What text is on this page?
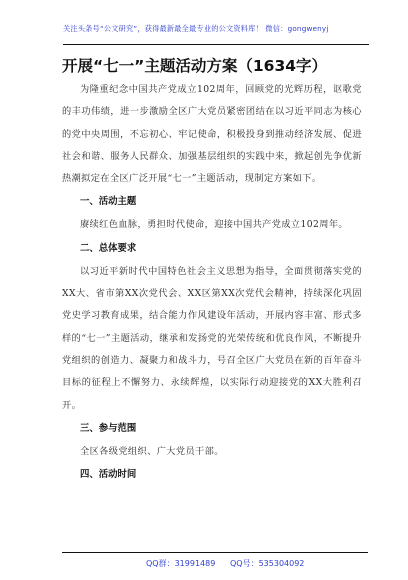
关注头条号“公文研究”，获得最新最全最专业的公文资料库！ 微信：gongwenyj
开展“七一”主题活动方案（1634字）

为隆重纪念中国共产党成立102周年，回顾党的光辉历程，讴歌党的丰功伟绩，进一步激励全区广大党员紧密团结在以习近平同志为核心的党中央周围，不忘初心、牢记使命，积极投身到推动经济发展、促进社会和谐、服务人民群众、加强基层组织的实践中来，掀起创先争优新热潮拟定在全区广泛开展“七一”主题活动，现制定方案如下。

一、活动主题

赓续红色血脉，勇担时代使命，迎接中国共产党成立102周年。

二、总体要求

以习近平新时代中国特色社会主义思想为指导，全面贯彻落实党的XX大、省市第XX次党代会、XX区第XX次党代会精神，持续深化巩固党史学习教育成果，结合能力作风建设年活动，开展内容丰富、形式多样的“七一”主题活动，继承和发扬党的光荣传统和优良作风，不断提升党组织的创造力、凝聚力和战斗力，号召全区广大党员在新的百年奋斗目标的征程上不懈努力、永续辉煌，以实际行动迎接党的XX大胜利召开。

三、参与范围

全区各级党组织、广大党员干部。

四、活动时间
QQ群：31991489 QQ号：535304092
